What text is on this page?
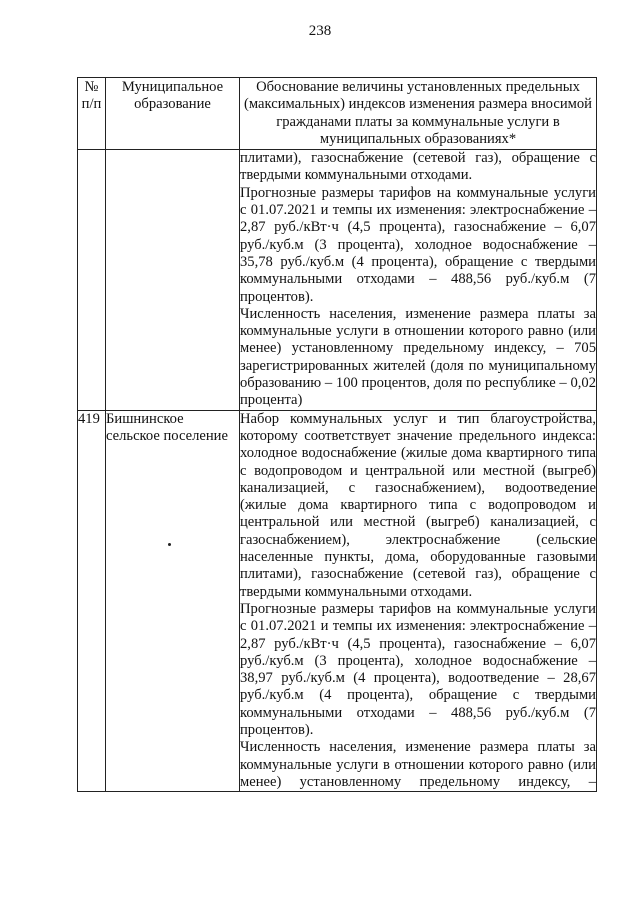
238
№ п/п	Муниципальное образование	Обоснование величины установленных предельных (максимальных) индексов изменения размера вносимой гражданами платы за коммунальные услуги в муниципальных образованиях*

		плитами), газоснабжение (сетевой газ), обращение с твердыми коммунальными отходами.

Прогнозные размеры тарифов на коммунальные услуги с 01.07.2021 и темпы их изменения: электроснабжение – 2,87 руб./кВт·ч (4,5 процента), газоснабжение – 6,07 руб./куб.м (3 процента), холодное водоснабжение – 35,78 руб./куб.м (4 процента), обращение с твердыми коммунальными отходами – 488,56 руб./куб.м (7 процентов).

Численность населения, изменение размера платы за коммунальные услуги в отношении которого равно (или менее) установленному предельному индексу, – 705 зарегистрированных жителей (доля по муниципальному образованию – 100 процентов, доля по республике – 0,02 процента)

419	Бишнинское сельское поселение	Набор коммунальных услуг и тип благоустройства, которому соответствует значение предельного индекса: холодное водоснабжение (жилые дома квартирного типа с водопроводом и центральной или местной (выгреб) канализацией, с газоснабжением), водоотведение (жилые дома квартирного типа с водопроводом и центральной или местной (выгреб) канализацией, с газоснабжением), электроснабжение (сельские населенные пункты, дома, оборудованные газовыми плитами), газоснабжение (сетевой газ), обращение с твердыми коммунальными отходами.

Прогнозные размеры тарифов на коммунальные услуги с 01.07.2021 и темпы их изменения: электроснабжение – 2,87 руб./кВт·ч (4,5 процента), газоснабжение – 6,07 руб./куб.м (3 процента), холодное водоснабжение – 38,97 руб./куб.м (4 процента), водоотведение – 28,67 руб./куб.м (4 процента), обращение с твердыми коммунальными отходами – 488,56 руб./куб.м (7 процентов).

Численность населения, изменение размера платы за коммунальные услуги в отношении которого равно (или менее) установленному предельному индексу, –
